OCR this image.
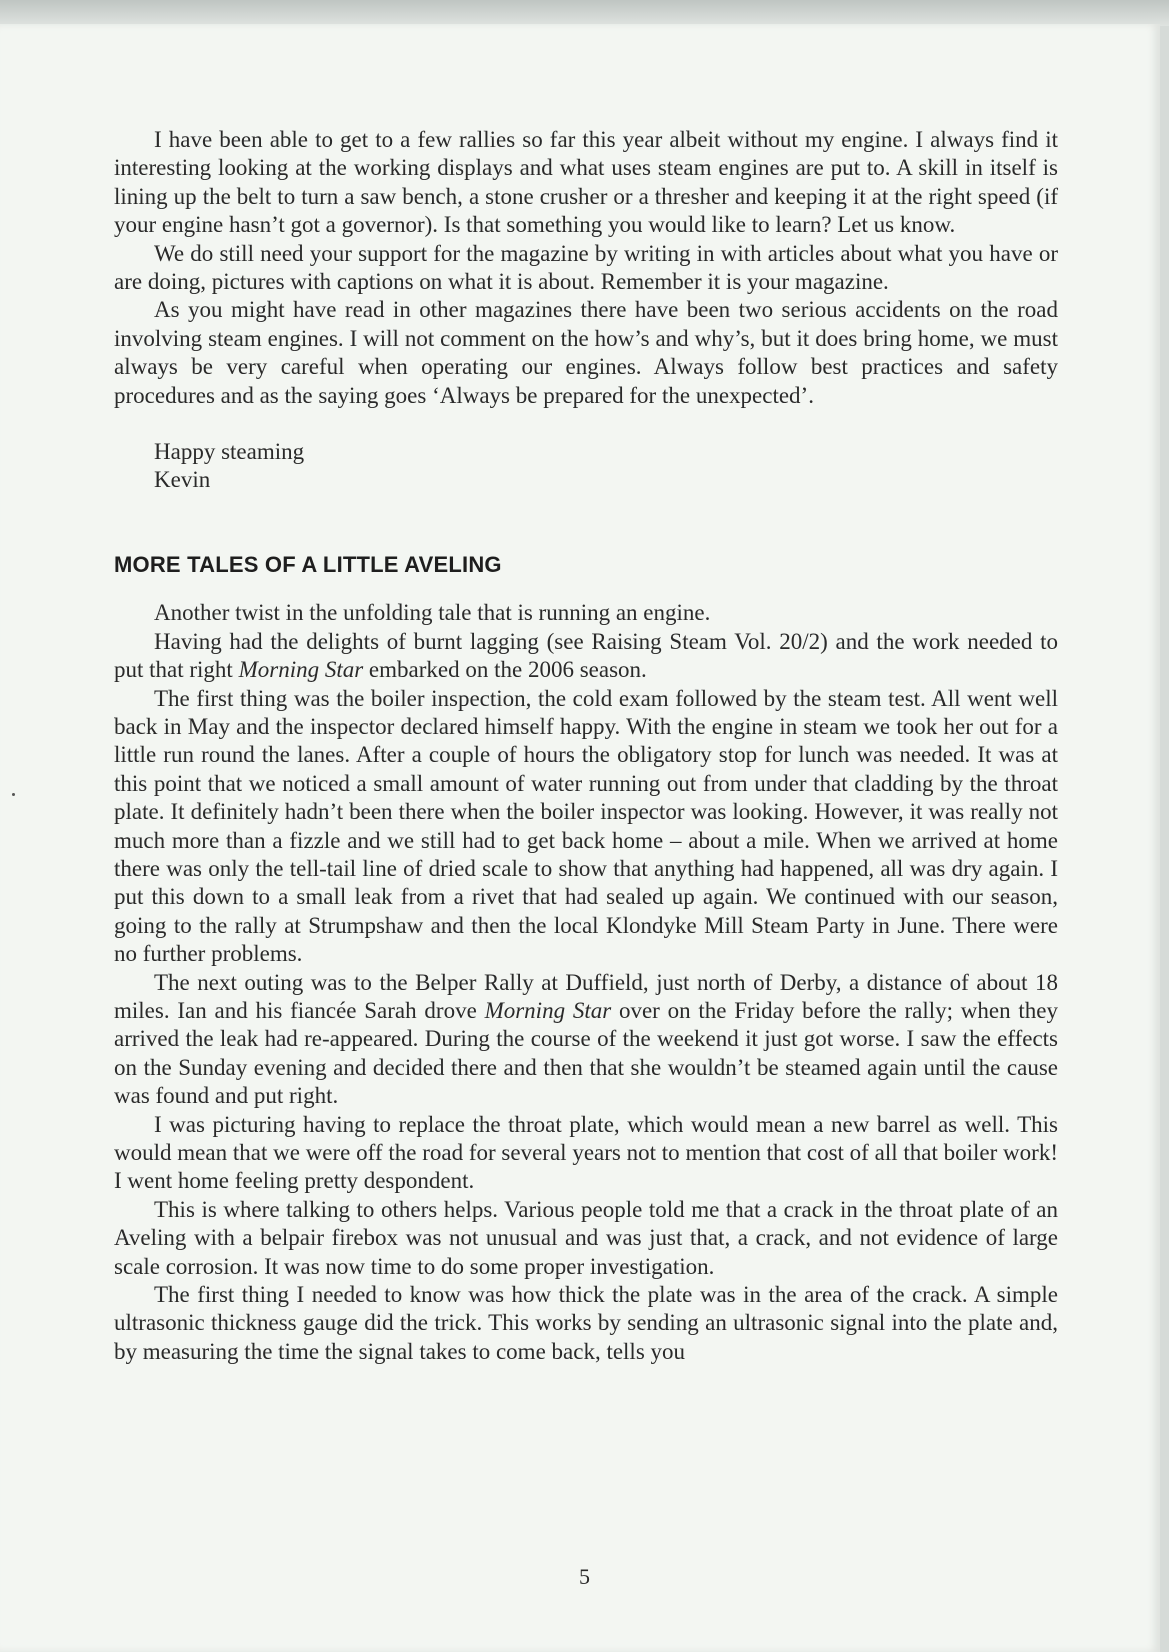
I have been able to get to a few rallies so far this year albeit without my engine. I always find it interesting looking at the working displays and what uses steam engines are put to. A skill in itself is lining up the belt to turn a saw bench, a stone crusher or a thresher and keeping it at the right speed (if your engine hasn’t got a governor). Is that something you would like to learn? Let us know.

We do still need your support for the magazine by writing in with articles about what you have or are doing, pictures with captions on what it is about. Remember it is your magazine.

As you might have read in other magazines there have been two serious accidents on the road involving steam engines. I will not comment on the how’s and why’s, but it does bring home, we must always be very careful when operating our engines. Always follow best practices and safety procedures and as the saying goes ‘Always be prepared for the unexpected’.

Happy steaming
Kevin
MORE TALES OF A LITTLE AVELING

Another twist in the unfolding tale that is running an engine.

Having had the delights of burnt lagging (see Raising Steam Vol. 20/2) and the work needed to put that right Morning Star embarked on the 2006 season.

The first thing was the boiler inspection, the cold exam followed by the steam test. All went well back in May and the inspector declared himself happy. With the engine in steam we took her out for a little run round the lanes. After a couple of hours the obligatory stop for lunch was needed. It was at this point that we noticed a small amount of water running out from under that cladding by the throat plate. It definitely hadn’t been there when the boiler inspector was looking. However, it was really not much more than a fizzle and we still had to get back home – about a mile. When we arrived at home there was only the tell-tail line of dried scale to show that anything had happened, all was dry again. I put this down to a small leak from a rivet that had sealed up again. We continued with our season, going to the rally at Strumpshaw and then the local Klondyke Mill Steam Party in June. There were no further problems.

The next outing was to the Belper Rally at Duffield, just north of Derby, a distance of about 18 miles. Ian and his fiancée Sarah drove Morning Star over on the Friday before the rally; when they arrived the leak had re-appeared. During the course of the weekend it just got worse. I saw the effects on the Sunday evening and decided there and then that she wouldn’t be steamed again until the cause was found and put right.

I was picturing having to replace the throat plate, which would mean a new barrel as well. This would mean that we were off the road for several years not to mention that cost of all that boiler work! I went home feeling pretty despondent.

This is where talking to others helps. Various people told me that a crack in the throat plate of an Aveling with a belpair firebox was not unusual and was just that, a crack, and not evidence of large scale corrosion. It was now time to do some proper investigation.

The first thing I needed to know was how thick the plate was in the area of the crack. A simple ultrasonic thickness gauge did the trick. This works by sending an ultrasonic signal into the plate and, by measuring the time the signal takes to come back, tells you

5
